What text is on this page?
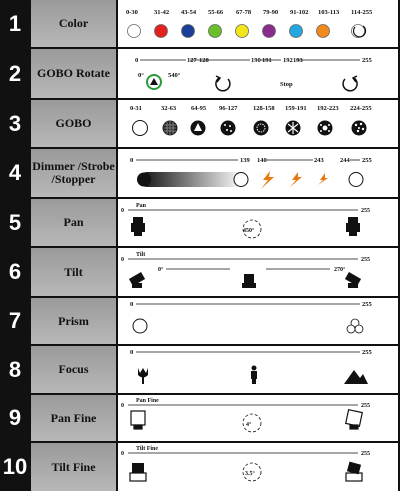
1	Color
0-30 31-42 43-54 55-66 67-78 79-90 91-102 103-113 114-255
2	GOBO Rotate
0	127 128	190 191 192 193	255
0°	540°
Stop
3	GOBO
0-31	32-63 64-95 96-127 128-158 159-191 192-223 224-255
4 Dimmer /Strobe
/Stopper
0	139 140	243	244 255
5	Pan
0	255
Pan
450°
6	Tilt
0	255
Tilt
0°	270°
7	Prism
0	255
8	Focus
0	255
9	Pan Fine
0	255
Pan Fine
4°
10	Tilt Fine
0	255
Tilt Fine
3.5°
